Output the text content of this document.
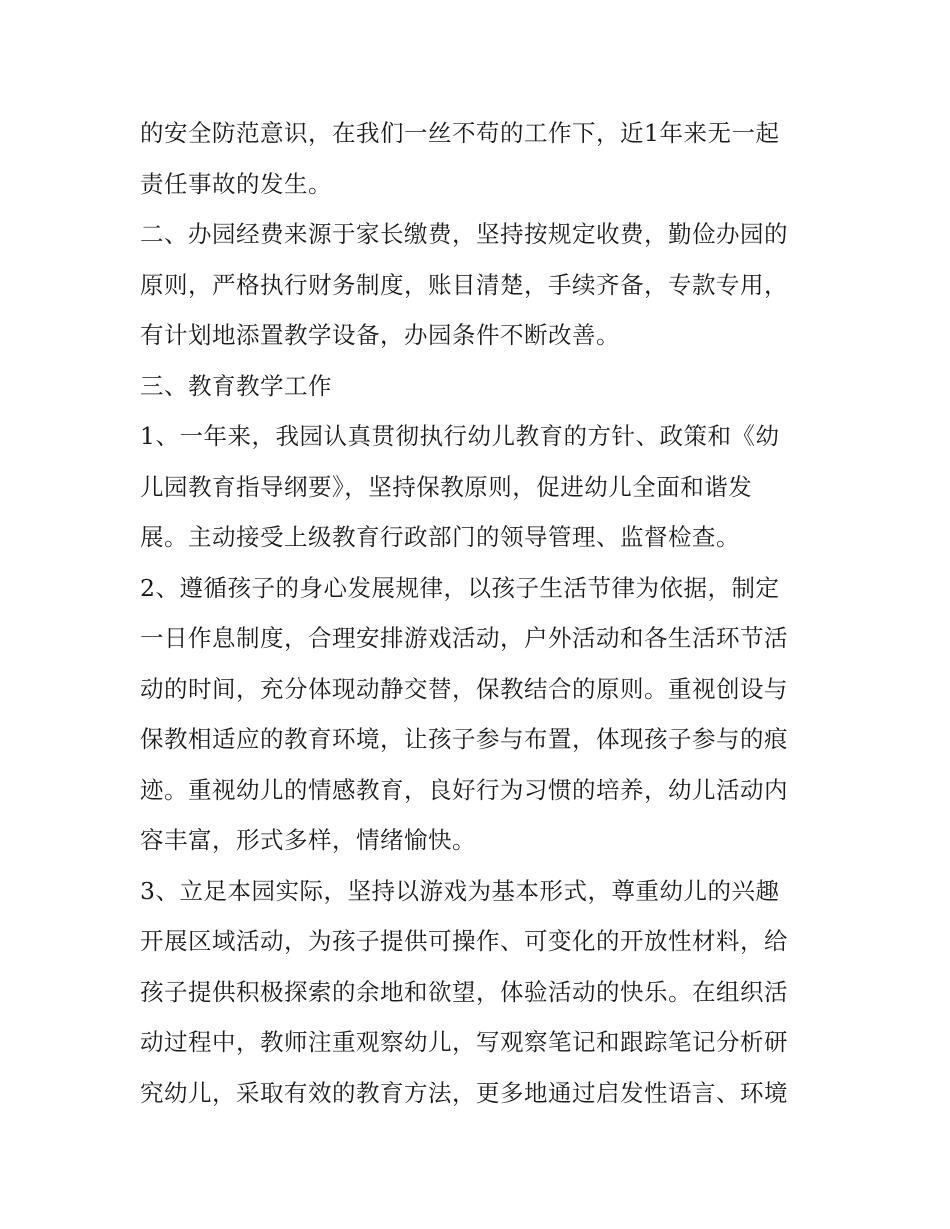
的安全防范意识，在我们一丝不苟的工作下，近1年来无一起
责任事故的发生。
二、办园经费来源于家长缴费，坚持按规定收费，勤俭办园的
原则，严格执行财务制度，账目清楚，手续齐备，专款专用，
有计划地添置教学设备，办园条件不断改善。
三、教育教学工作
1、一年来，我园认真贯彻执行幼儿教育的方针、政策和《幼
儿园教育指导纲要》，坚持保教原则，促进幼儿全面和谐发
展。主动接受上级教育行政部门的领导管理、监督检查。
2、遵循孩子的身心发展规律，以孩子生活节律为依据，制定
一日作息制度，合理安排游戏活动，户外活动和各生活环节活
动的时间，充分体现动静交替，保教结合的原则。重视创设与
保教相适应的教育环境，让孩子参与布置，体现孩子参与的痕
迹。重视幼儿的情感教育，良好行为习惯的培养，幼儿活动内
容丰富，形式多样，情绪愉快。
3、立足本园实际，坚持以游戏为基本形式，尊重幼儿的兴趣
开展区域活动，为孩子提供可操作、可变化的开放性材料，给
孩子提供积极探索的余地和欲望，体验活动的快乐。在组织活
动过程中，教师注重观察幼儿，写观察笔记和跟踪笔记分析研
究幼儿，采取有效的教育方法，更多地通过启发性语言、环境
